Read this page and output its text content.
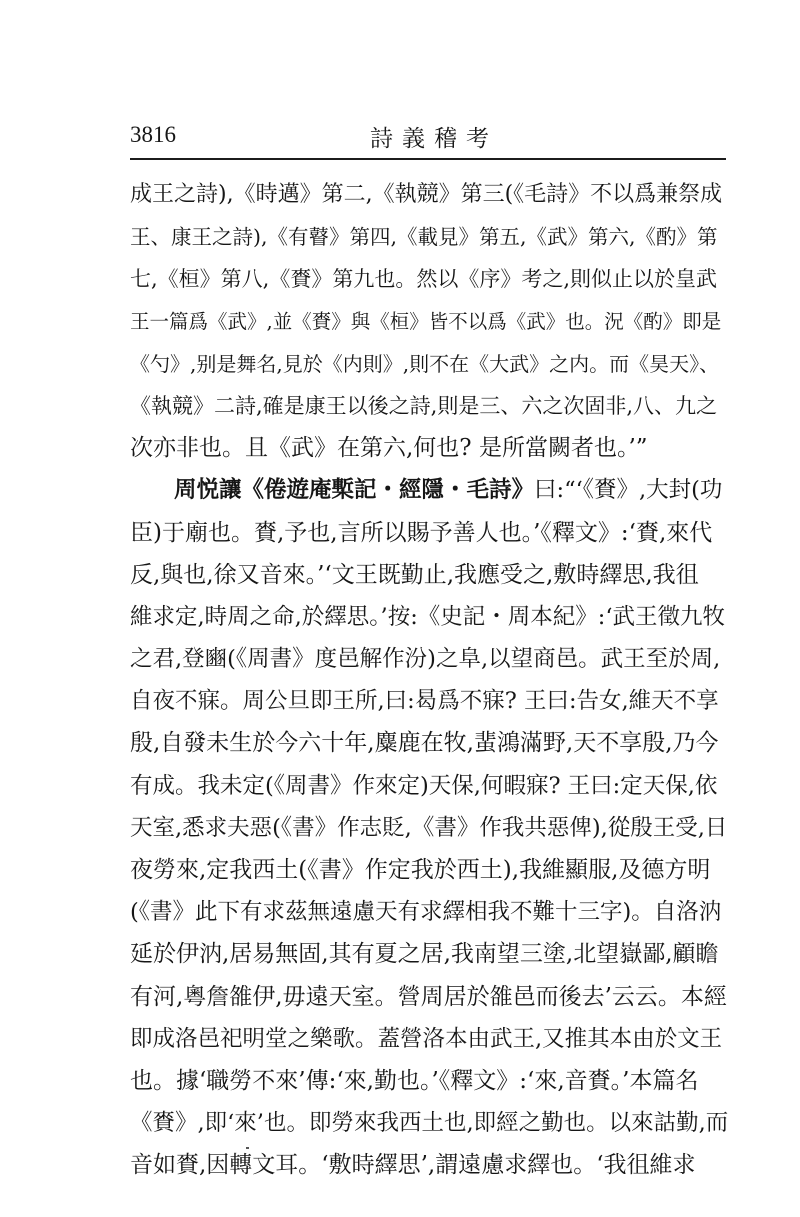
3816	詩義稽考
成王之詩),《時邁》第二,《執競》第三(《毛詩》不以爲兼祭成
王、康王之詩),《有瞽》第四,《載見》第五,《武》第六,《酌》第
七,《桓》第八,《賚》第九也。然以《序》考之,則似止以於皇武
王一篇爲《武》,並《賚》與《桓》皆不以爲《武》也。況《酌》即是
《勺》,别是舞名,見於《内則》,則不在《大武》之内。而《昊天》、
《執競》二詩,確是康王以後之詩,則是三、六之次固非,八、九之
次亦非也。且《武》在第六,何也? 是所當闕者也。’”
周悦讓《倦遊庵槧記・經隱・毛詩》曰:“‘《賚》,大封(功
臣)于廟也。賚,予也,言所以賜予善人也。’《釋文》:‘賚,來代
反,與也,徐又音來。’‘文王既勤止,我應受之,敷時繹思,我徂
維求定,時周之命,於繹思。’按:《史記・周本紀》:‘武王徵九牧
之君,登豳(《周書》度邑解作汾)之阜,以望商邑。武王至於周,
自夜不寐。周公旦即王所,曰:曷爲不寐? 王曰:告女,維天不享
殷,自發未生於今六十年,麋鹿在牧,蜚鴻滿野,天不享殷,乃今
有成。我未定(《周書》作來定)天保,何暇寐? 王曰:定天保,依
天室,悉求夫惡(《書》作志貶,《書》作我共惡俾),從殷王受,日
夜勞來,定我西土(《書》作定我於西土),我維顯服,及德方明
(《書》此下有求茲無遠慮天有求繹相我不難十三字)。自洛汭
延於伊汭,居易無固,其有夏之居,我南望三塗,北望嶽鄙,顧瞻
有河,粵詹雒伊,毋遠天室。營周居於雒邑而後去’云云。本經
即成洛邑祀明堂之樂歌。蓋營洛本由武王,又推其本由於文王
也。據‘職勞不來’傳:‘來,勤也。’《釋文》:‘來,音賚。’本篇名
《賚》,即‘來’也。即勞來我西土也,即經之勤也。以來詁勤,而
音如賚,因轉文耳。‘敷時繹思’,謂遠慮求繹也。‘我徂維求
